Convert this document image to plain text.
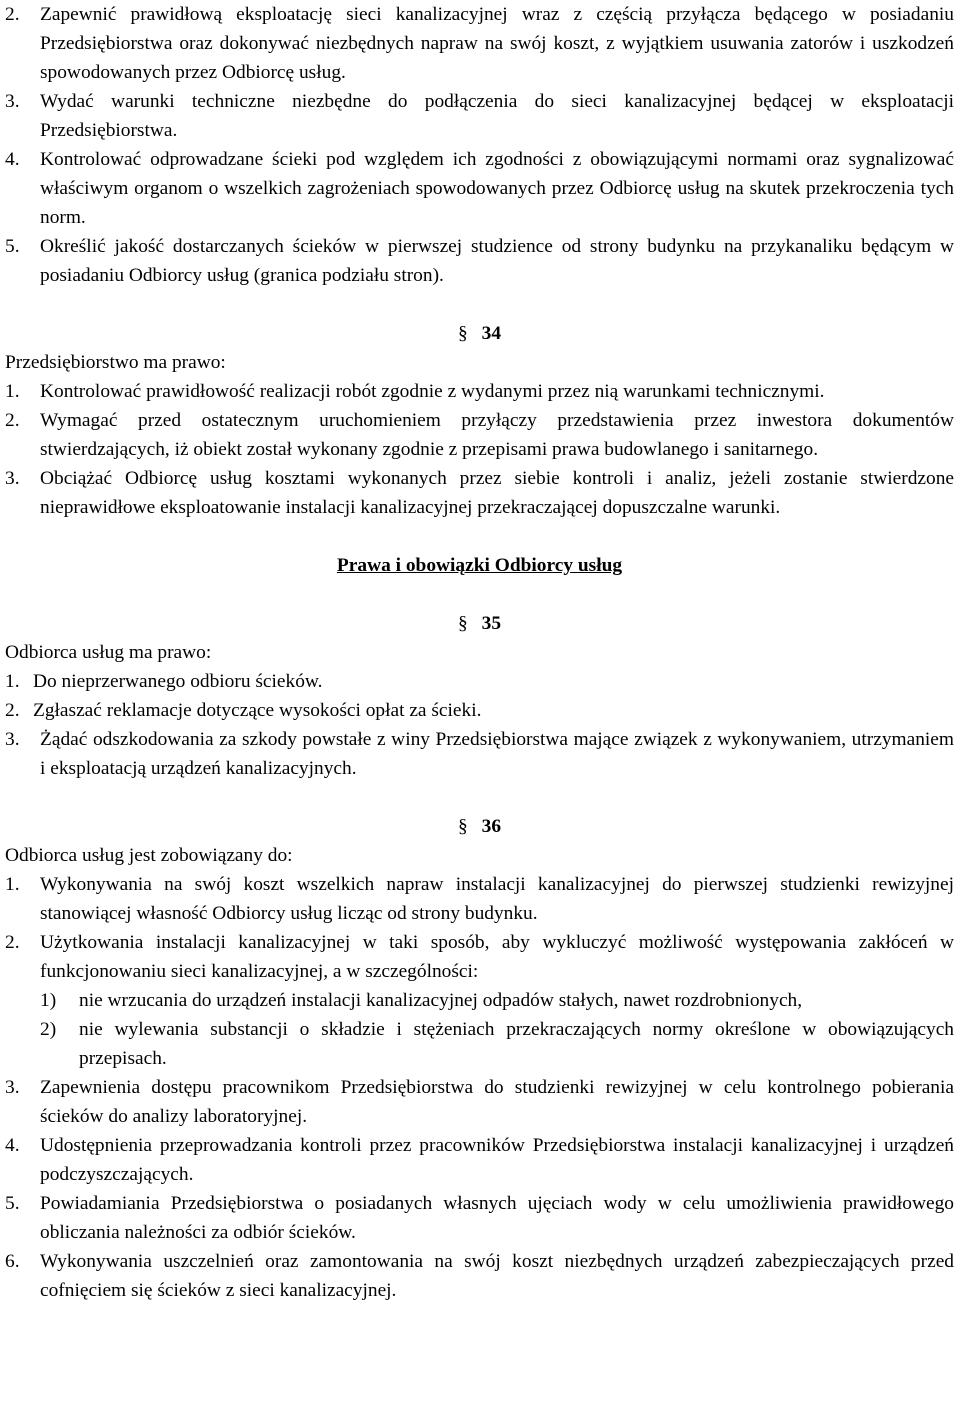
2.	Zapewnić prawidłową eksploatację sieci kanalizacyjnej wraz z częścią przyłącza będącego w posiadaniu Przedsiębiorstwa oraz dokonywać niezbędnych napraw na swój koszt, z wyjątkiem usuwania zatorów i uszkodzeń spowodowanych przez Odbiorcę usług.
3.	Wydać warunki techniczne niezbędne do podłączenia do sieci kanalizacyjnej będącej w eksploatacji Przedsiębiorstwa.
4.	Kontrolować odprowadzane ścieki pod względem ich zgodności z obowiązującymi normami oraz sygnalizować właściwym organom o wszelkich zagrożeniach spowodowanych przez Odbiorcę usług na skutek przekroczenia tych norm.
5.	Określić jakość dostarczanych ścieków w pierwszej studzience od strony budynku na przykanaliku będącym w posiadaniu Odbiorcy usług (granica podziału stron).
§ 34
Przedsiębiorstwo ma prawo:
1.	Kontrolować prawidłowość realizacji robót zgodnie z wydanymi przez nią warunkami technicznymi.
2.	Wymagać przed ostatecznym uruchomieniem przyłączy przedstawienia przez inwestora dokumentów stwierdzających, iż obiekt został wykonany zgodnie z przepisami prawa budowlanego i sanitarnego.
3.	Obciążać Odbiorcę usług kosztami wykonanych przez siebie kontroli i analiz, jeżeli zostanie stwierdzone nieprawidłowe eksploatowanie instalacji kanalizacyjnej przekraczającej dopuszczalne warunki.
Prawa i obowiązki Odbiorcy usług
§ 35
Odbiorca usług ma prawo:
1. Do nieprzerwanego odbioru ścieków.
2. Zgłaszać reklamacje dotyczące wysokości opłat za ścieki.
3.	Żądać odszkodowania za szkody powstałe z winy Przedsiębiorstwa mające związek z wykonywaniem, utrzymaniem i eksploatacją urządzeń kanalizacyjnych.
§ 36
Odbiorca usług jest zobowiązany do:
1.	Wykonywania na swój koszt wszelkich napraw instalacji kanalizacyjnej do pierwszej studzienki rewizyjnej stanowiącej własność Odbiorcy usług licząc od strony budynku.
2.	Użytkowania instalacji kanalizacyjnej w taki sposób, aby wykluczyć możliwość występowania zakłóceń w funkcjonowaniu sieci kanalizacyjnej, a w szczególności:
1)	nie wrzucania do urządzeń instalacji kanalizacyjnej odpadów stałych, nawet rozdrobnionych,
2)	nie wylewania substancji o składzie i stężeniach przekraczających normy określone w obowiązujących przepisach.
3.	Zapewnienia dostępu pracownikom Przedsiębiorstwa do studzienki rewizyjnej w celu kontrolnego pobierania ścieków do analizy laboratoryjnej.
4.	Udostępnienia przeprowadzania kontroli przez pracowników Przedsiębiorstwa instalacji kanalizacyjnej i urządzeń podczyszczających.
5.	Powiadamiania Przedsiębiorstwa o posiadanych własnych ujęciach wody w celu umożliwienia prawidłowego obliczania należności za odbiór ścieków.
6.	Wykonywania uszczelnień oraz zamontowania na swój koszt niezbędnych urządzeń zabezpieczających przed cofnięciem się ścieków z sieci kanalizacyjnej.
